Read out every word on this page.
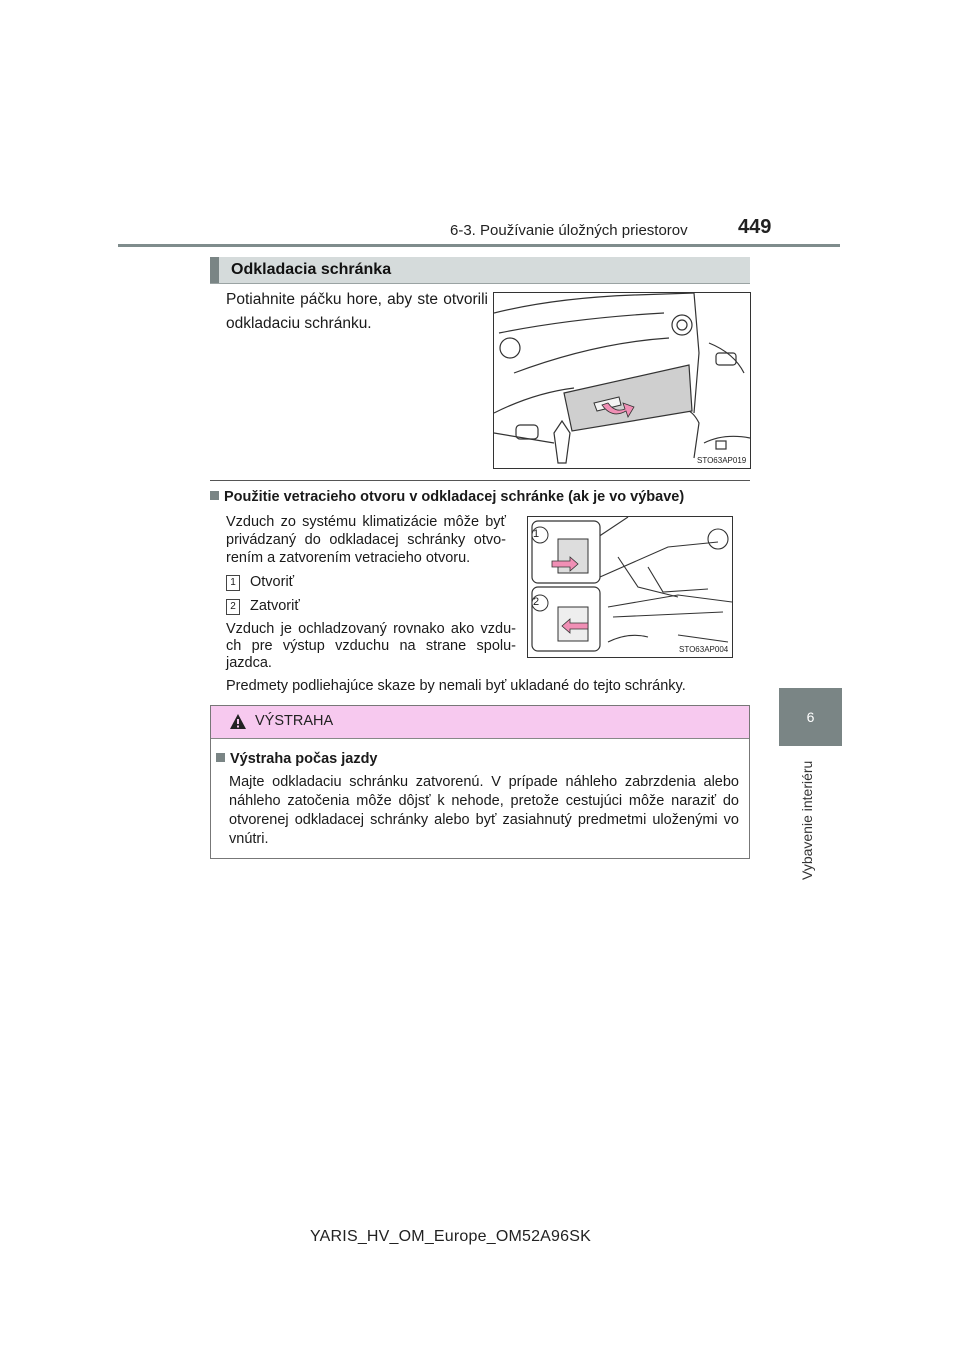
6-3. Používanie úložných priestorov	449
6
Vybavenie interiéru
Odkladacia schránka
Potiahnite páčku hore, aby ste otvorili odkladaciu schránku.
STO63AP019
Použitie vetracieho otvoru v odkladacej schránke (ak je vo výbave)
Vzduch zo systému klimatizácie môže byť privádzaný do odkladacej schránky otvo- rením a zatvorením vetracieho otvoru.
1 Otvoriť
2 Zatvoriť
Vzduch je ochladzovaný rovnako ako vzdu- ch pre výstup vzduchu na strane spolu- jazdca.
1
2
STO63AP004
Predmety podliehajúce skaze by nemali byť ukladané do tejto schránky.
VÝSTRAHA
Výstraha počas jazdy
Majte odkladaciu schránku zatvorenú. V prípade náhleho zabrzdenia alebo náhleho zatočenia môže dôjsť k nehode, pretože cestujúci môže naraziť do otvorenej odkladacej schránky alebo byť zasiahnutý predmetmi uloženými vo vnútri.
YARIS_HV_OM_Europe_OM52A96SK
